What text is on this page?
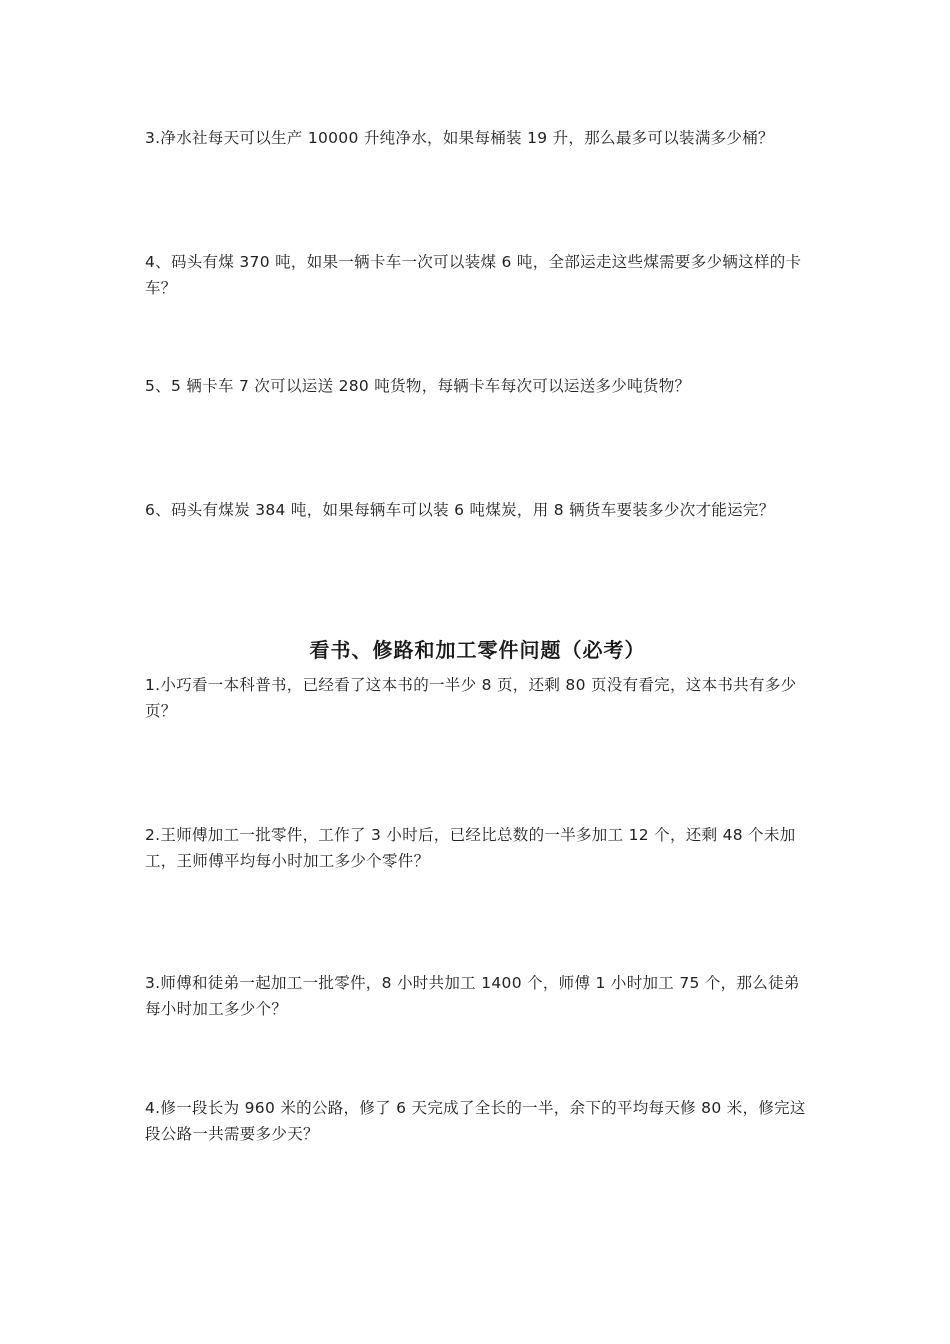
3.净水社每天可以生产 10000 升纯净水，如果每桶装 19 升，那么最多可以装满多少桶？
4、码头有煤 370 吨，如果一辆卡车一次可以装煤 6 吨，全部运走这些煤需要多少辆这样的卡车？
5、5 辆卡车 7 次可以运送 280 吨货物，每辆卡车每次可以运送多少吨货物？
6、码头有煤炭 384 吨，如果每辆车可以装 6 吨煤炭，用 8 辆货车要装多少次才能运完？
看书、修路和加工零件问题（必考）
1.小巧看一本科普书，已经看了这本书的一半少 8 页，还剩 80 页没有看完，这本书共有多少页？
2.王师傅加工一批零件，工作了 3 小时后，已经比总数的一半多加工 12 个，还剩 48 个未加工，王师傅平均每小时加工多少个零件？
3.师傅和徒弟一起加工一批零件，8 小时共加工 1400 个，师傅 1 小时加工 75 个，那么徒弟每小时加工多少个？
4.修一段长为 960 米的公路，修了 6 天完成了全长的一半，余下的平均每天修 80 米，修完这段公路一共需要多少天？
